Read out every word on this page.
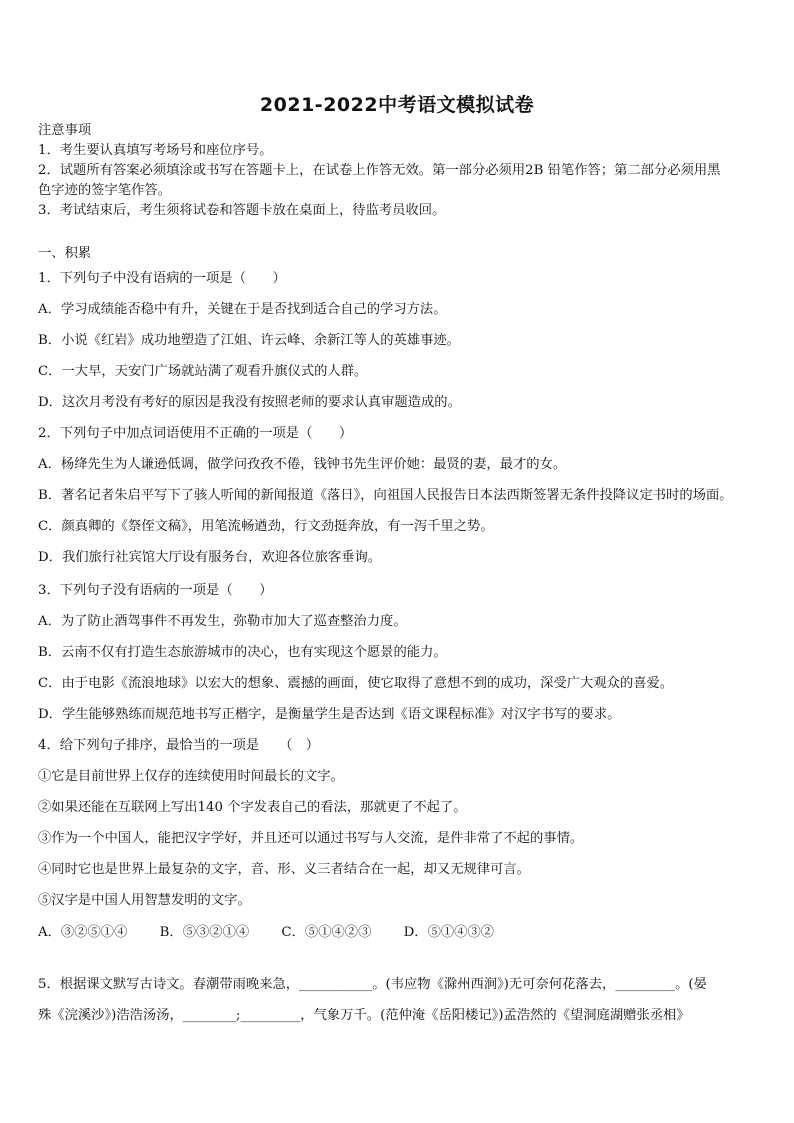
2021-2022中考语文模拟试卷
注意事项
1．考生要认真填写考场号和座位序号。
2．试题所有答案必须填涂或书写在答题卡上，在试卷上作答无效。第一部分必须用2B 铅笔作答；第二部分必须用黑
色字迹的签字笔作答。
3．考试结束后，考生须将试卷和答题卡放在桌面上，待监考员收回。
一、积累
1．下列句子中没有语病的一项是（　　）
A．学习成绩能否稳中有升，关键在于是否找到适合自己的学习方法。
B．小说《红岩》成功地塑造了江姐、许云峰、余新江等人的英雄事迹。
C．一大早，天安门广场就站满了观看升旗仪式的人群。
D．这次月考没有考好的原因是我没有按照老师的要求认真审题造成的。
2．下列句子中加点词语使用不正确的一项是（　　）
A．杨绛先生为人谦逊低调，做学问孜孜不倦，钱钟书先生评价她：最贤的妻，最才的女。
B．著名记者朱启平写下了骇人听闻的新闻报道《落日》，向祖国人民报告日本法西斯签署无条件投降议定书时的场面。
C．颜真卿的《祭侄文稿》，用笔流畅遒劲，行文劲挺奔放，有一泻千里之势。
D．我们旅行社宾馆大厅设有服务台，欢迎各位旅客垂询。
3．下列句子没有语病的一项是（　　）
A．为了防止酒驾事件不再发生，弥勒市加大了巡查整治力度。
B．云南不仅有打造生态旅游城市的决心，也有实现这个愿景的能力。
C．由于电影《流浪地球》以宏大的想象、震撼的画面，使它取得了意想不到的成功，深受广大观众的喜爱。
D．学生能够熟练而规范地书写正楷字，是衡量学生是否达到《语文课程标准》对汉字书写的要求。
4．给下列句子排序，最恰当的一项是　　（　）
①它是目前世界上仅存的连续使用时间最长的文字。
②如果还能在互联网上写出140 个字发表自己的看法，那就更了不起了。
③作为一个中国人，能把汉字学好，并且还可以通过书写与人交流，是件非常了不起的事情。
④同时它也是世界上最复杂的文字，音、形、义三者结合在一起，却又无规律可言。
⑤汉字是中国人用智慧发明的文字。
A．③②⑤①④ B．⑤③②①④ C．⑤①④②③ D．⑤①④③②
5．根据课文默写古诗文。春潮带雨晚来急，___________。(韦应物《滁州西涧》)无可奈何花落去，_________。(晏
殊《浣溪沙》)浩浩汤汤，________;_________，气象万千。(范仲淹《岳阳楼记》)孟浩然的《望洞庭湖赠张丞相》
